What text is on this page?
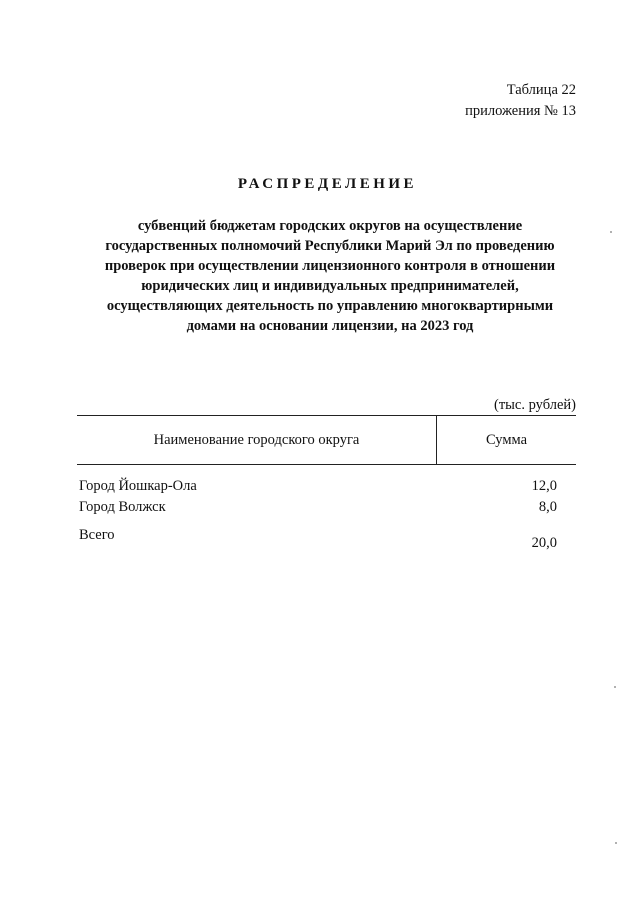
Таблица 22
приложения № 13
РАСПРЕДЕЛЕНИЕ
субвенций бюджетам городских округов на осуществление
государственных полномочий Республики Марий Эл по проведению
проверок при осуществлении лицензионного контроля в отношении
юридических лиц и индивидуальных предпринимателей,
осуществляющих деятельность по управлению многоквартирными
домами на основании лицензии, на 2023 год
(тыс. рублей)
Наименование городского округа	Сумма
Город Йошкар-Ола	12,0
Город Волжск	8,0
Всего	20,0
